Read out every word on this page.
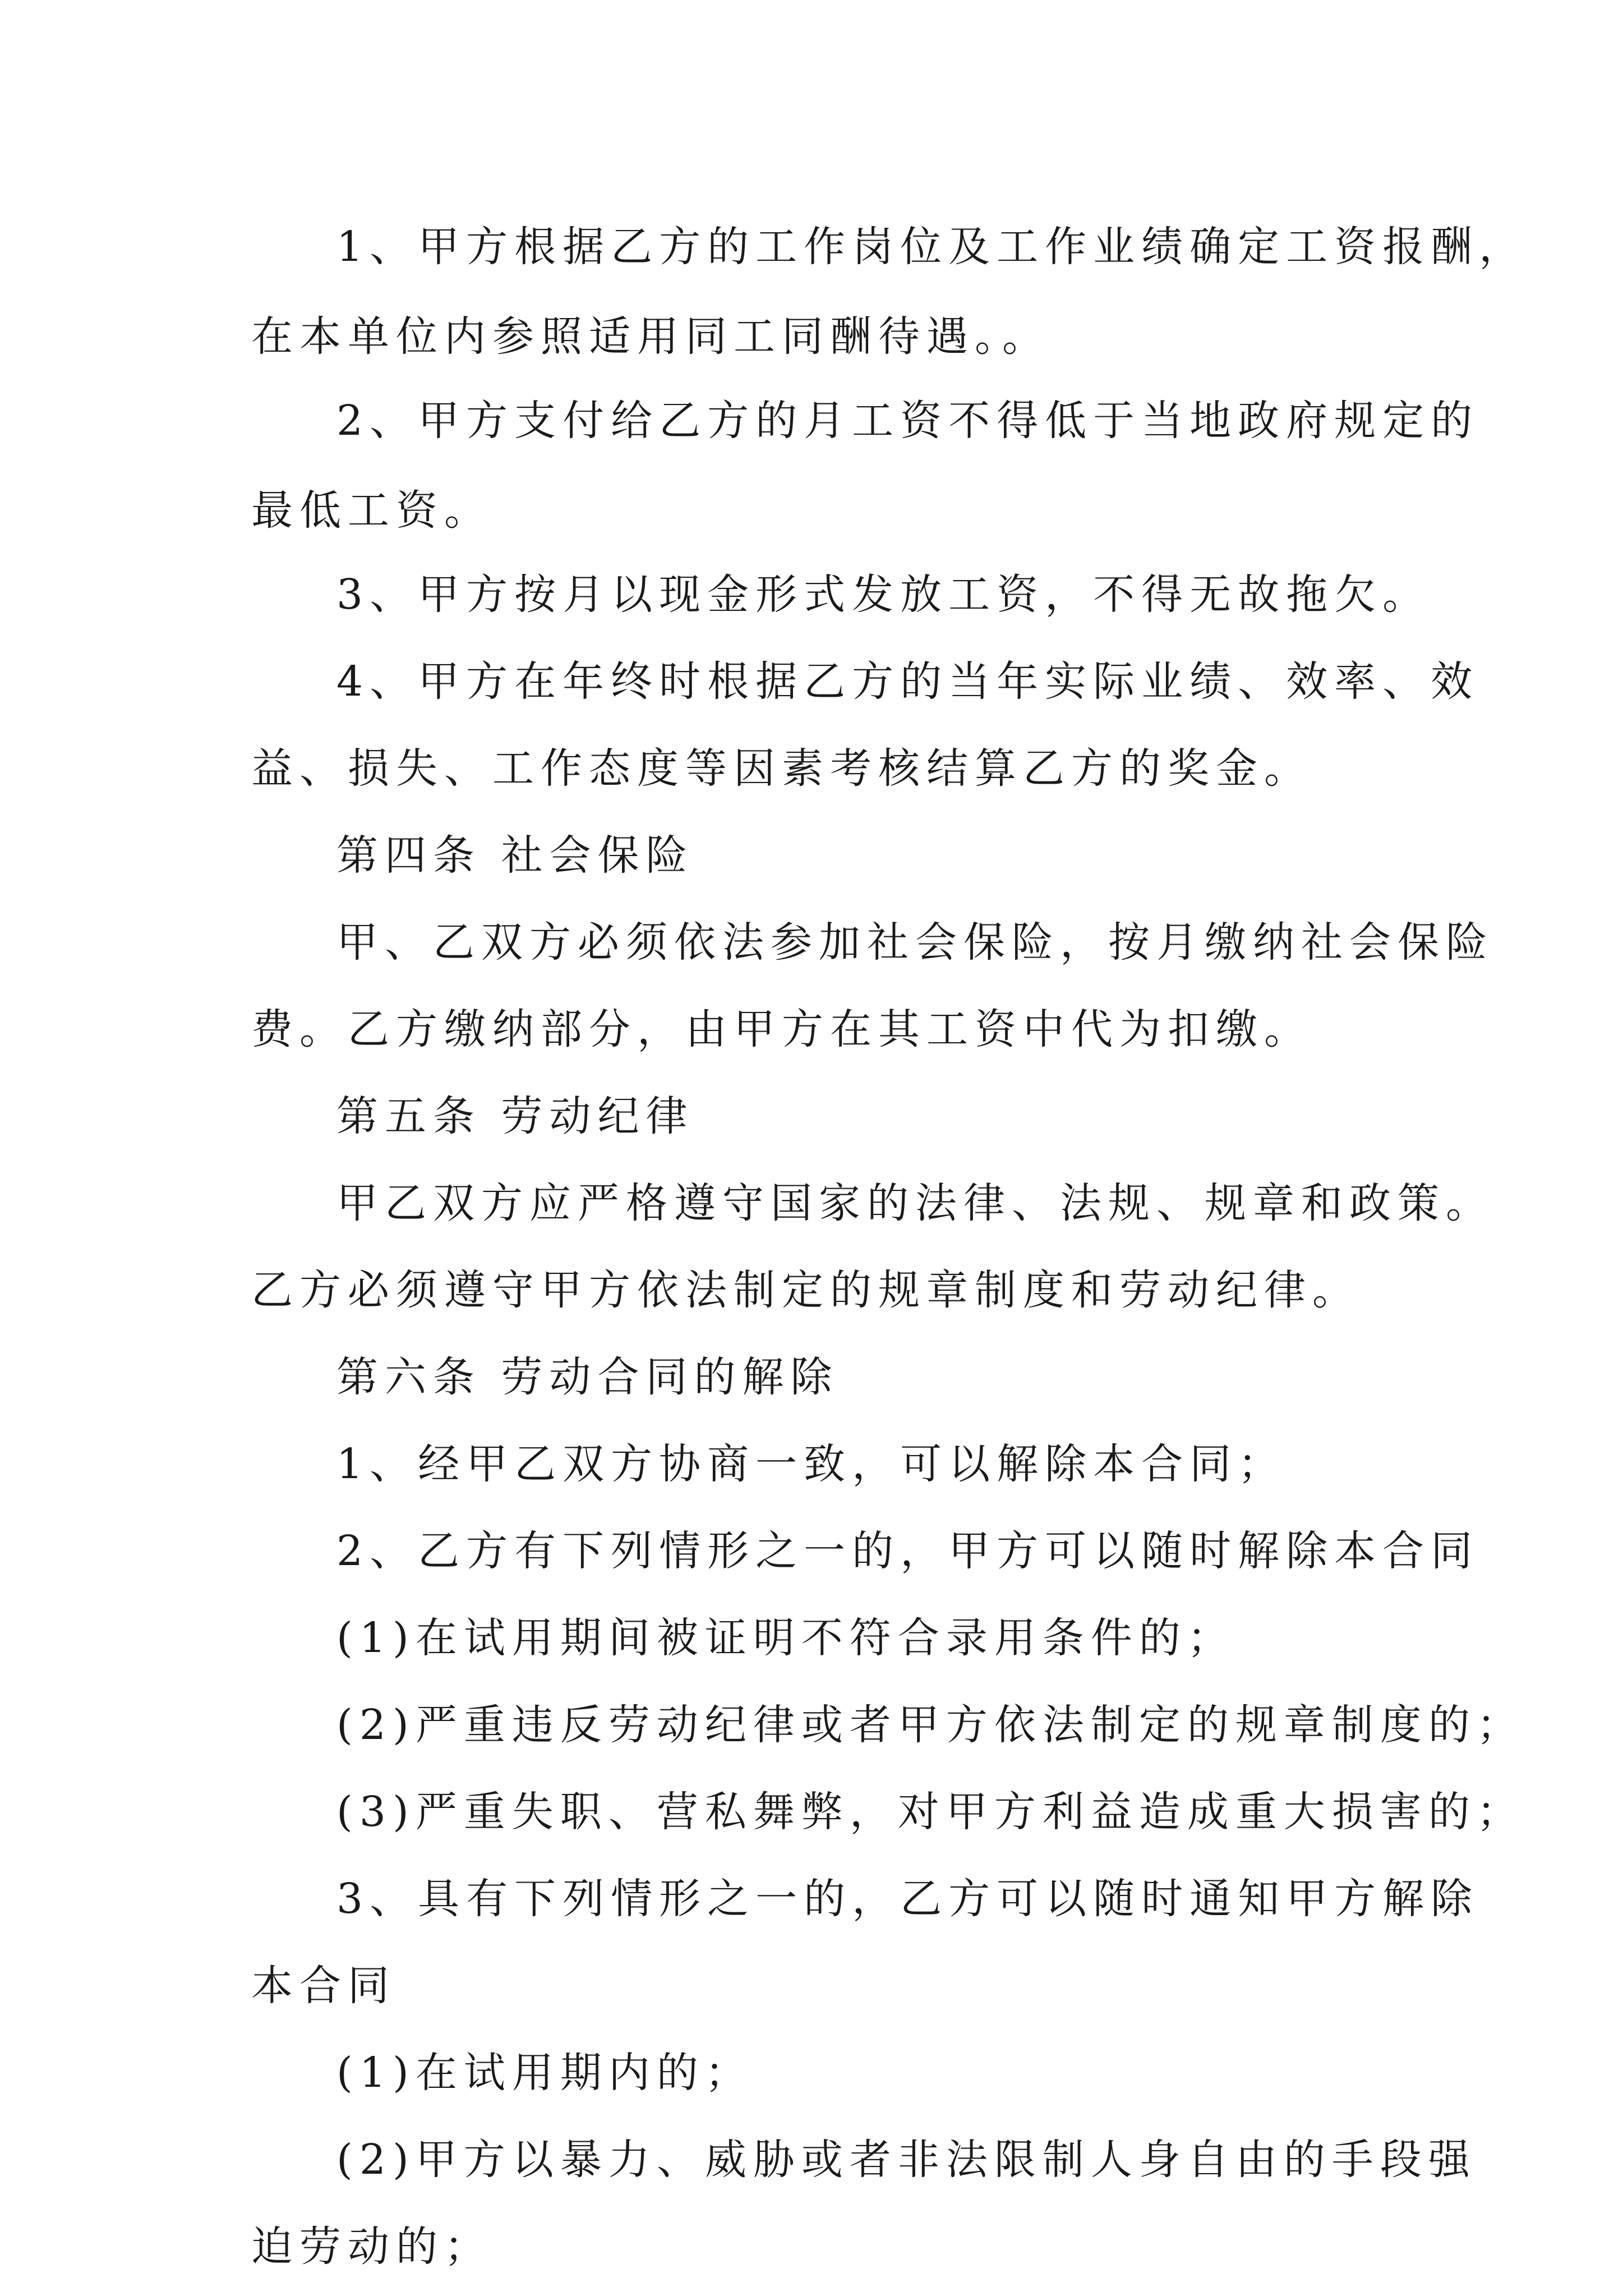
1、甲方根据乙方的工作岗位及工作业绩确定工资报酬，
在本单位内参照适用同工同酬待遇。。
2、甲方支付给乙方的月工资不得低于当地政府规定的
最低工资。
3、甲方按月以现金形式发放工资，不得无故拖欠。
4、甲方在年终时根据乙方的当年实际业绩、效率、效
益、损失、工作态度等因素考核结算乙方的奖金。
第四条 社会保险
甲、乙双方必须依法参加社会保险，按月缴纳社会保险
费。乙方缴纳部分，由甲方在其工资中代为扣缴。
第五条 劳动纪律
甲乙双方应严格遵守国家的法律、法规、规章和政策。
乙方必须遵守甲方依法制定的规章制度和劳动纪律。
第六条 劳动合同的解除
1、经甲乙双方协商一致，可以解除本合同；
2、乙方有下列情形之一的，甲方可以随时解除本合同
(1)在试用期间被证明不符合录用条件的；
(2)严重违反劳动纪律或者甲方依法制定的规章制度的；
(3)严重失职、营私舞弊，对甲方利益造成重大损害的；
3、具有下列情形之一的，乙方可以随时通知甲方解除
本合同
(1)在试用期内的；
(2)甲方以暴力、威胁或者非法限制人身自由的手段强
迫劳动的；
